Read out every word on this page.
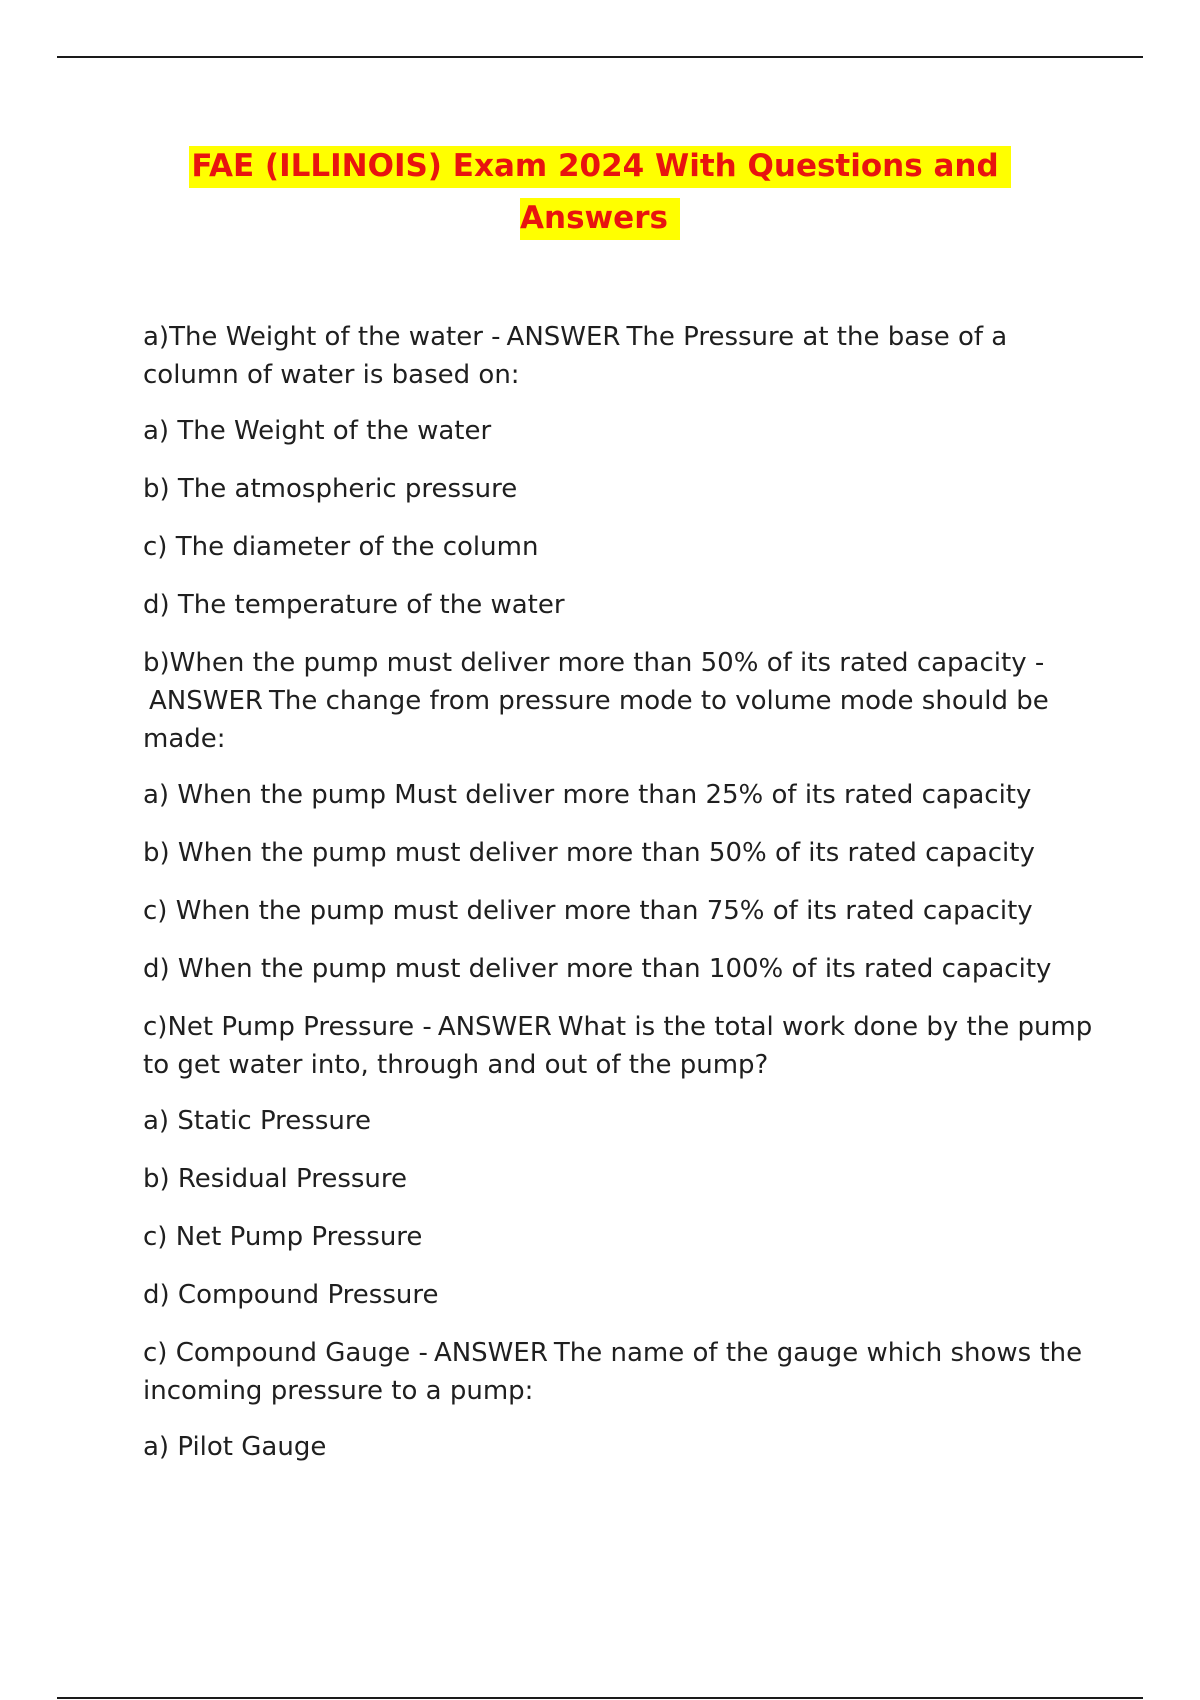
FAE (ILLINOIS) Exam 2024 With Questions and
Answers
a)The Weight of the water - ANSWER The Pressure at the base of a column of water is based on:
a) The Weight of the water
b) The atmospheric pressure
c) The diameter of the column
d) The temperature of the water
b)When the pump must deliver more than 50% of its rated capacity -ANSWER The change from pressure mode to volume mode should be made:
a) When the pump Must deliver more than 25% of its rated capacity
b) When the pump must deliver more than 50% of its rated capacity
c) When the pump must deliver more than 75% of its rated capacity
d) When the pump must deliver more than 100% of its rated capacity
c)Net Pump Pressure - ANSWER What is the total work done by the pump to get water into, through and out of the pump?
a) Static Pressure
b) Residual Pressure
c) Net Pump Pressure
d) Compound Pressure
c) Compound Gauge - ANSWER The name of the gauge which shows the incoming pressure to a pump:
a) Pilot Gauge
